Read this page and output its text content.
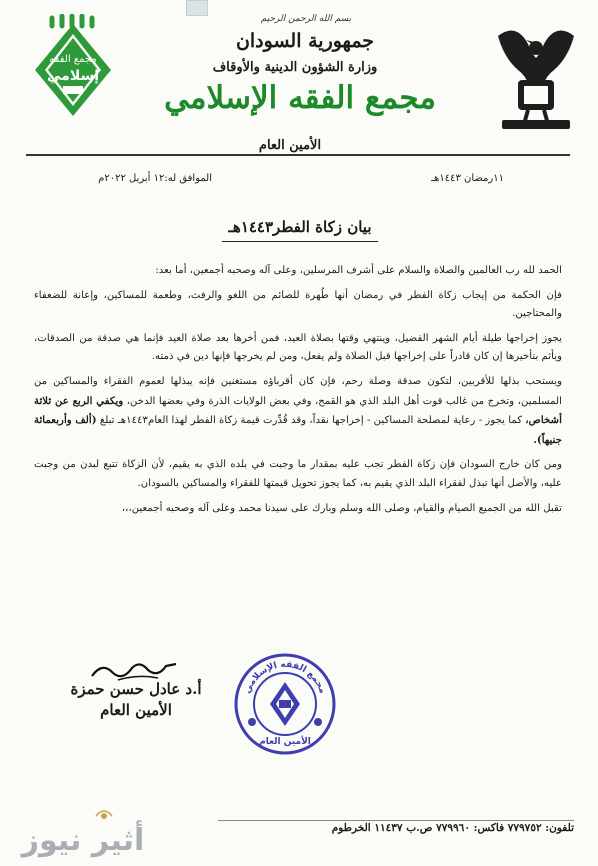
مجمع الفقه
إسلامي
بسم الله الرحمن الرحيم
جمهورية السودان
وزارة الشؤون الدينية والأوقاف
مجمع الفقه الإسلامي
الأمين العام
١١رمضان ١٤٤٣هـ
الموافق له:١٢ أبريل ٢٠٢٢م
بيان زكاة الفطر١٤٤٣هـ

الحمد لله رب العالمين والصلاة والسلام على أشرف المرسلين، وعلى آله وصحبه أجمعين، أما بعد:

فإن الحكمة من إيجاب زكاة الفطر في رمضان أنها طُهرة للصائم من اللغو والرفث، وطعمة للمساكين، وإعانة للضعفاء والمحتاجين.

يجوز إخراجها طيلة أيام الشهر الفضيل، وينتهي وقتها بصلاة العيد، فمن أخرها بعد صلاة العيد فإنما هي صدقة من الصدقات، ويأثم بتأخيرها إن كان قادراً على إخراجها قبل الصلاة ولم يفعل، ومن لم يخرجها فإنها دين في ذمته.

ويستحب بذلها للأقربين، لتكون صدقة وصلة رحم، فإن كان أقرباؤه مستغنين فإنه يبذلها لعموم الفقراء والمساكين من المسلمين، وتخرج من غالب قوت أهل البلد الذي هو القمح، وفي بعض الولايات الذرة وفي بعضها الدخن، ويكفي الربع عن ثلاثة أشخاص، كما يجوز - رعاية لمصلحة المساكين - إخراجها نقداً، وقد قُدِّرت قيمة زكاة الفطر لهذا العام١٤٤٣هـ تبلغ (ألف وأربعمائة جنيهاً).

ومن كان خارج السودان فإن زكاة الفطر تجب عليه بمقدار ما وجبت في بلده الذي به يقيم، لأن الزكاة تتبع لبدن من وجبت عليه، والأصل أنها تبذل لفقراء البلد الذي يقيم به، كما يجوز تحويل قيمتها للفقراء والمساكين بالسودان.

تقبل الله من الجميع الصيام والقيام، وصلى الله وسلم وبارك على سيدنا محمد وعلى آله وصحبه أجمعين،،،

أ.د عادل حسن حمزة
الأمين العام
مجمع الفقه الإسلامي
الأمين العام
تلفون: ٧٧٩٧٥٢ فاكس: ٧٧٩٩٦٠ ص.ب ١١٤٣٧ الخرطوم
أثير نيوز
